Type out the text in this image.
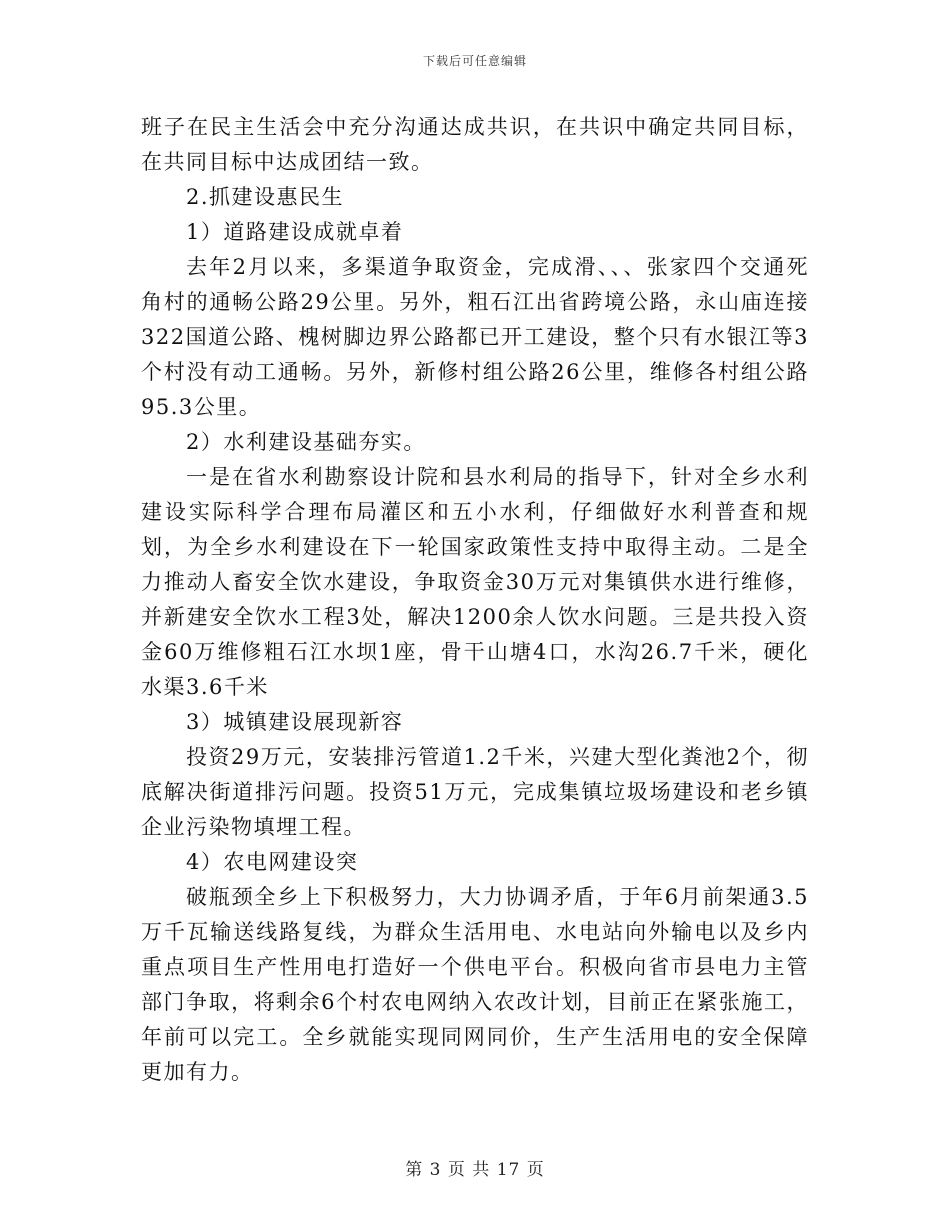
下载后可任意编辑

班子在民主生活会中充分沟通达成共识，在共识中确定共同目标，在共同目标中达成团结一致。

2.抓建设惠民生

1）道路建设成就卓着

去年2月以来，多渠道争取资金，完成滑、、、张家四个交通死角村的通畅公路29公里。另外，粗石江出省跨境公路，永山庙连接322国道公路、槐树脚边界公路都已开工建设，整个只有水银江等3个村没有动工通畅。另外，新修村组公路26公里，维修各村组公路95.3公里。

2）水利建设基础夯实。

一是在省水利勘察设计院和县水利局的指导下，针对全乡水利建设实际科学合理布局灌区和五小水利，仔细做好水利普查和规划，为全乡水利建设在下一轮国家政策性支持中取得主动。二是全力推动人畜安全饮水建设，争取资金30万元对集镇供水进行维修，并新建安全饮水工程3处，解决1200余人饮水问题。三是共投入资金60万维修粗石江水坝1座，骨干山塘4口，水沟26.7千米，硬化水渠3.6千米

3）城镇建设展现新容

投资29万元，安装排污管道1.2千米，兴建大型化粪池2个，彻底解决街道排污问题。投资51万元，完成集镇垃圾场建设和老乡镇企业污染物填埋工程。

4）农电网建设突

破瓶颈全乡上下积极努力，大力协调矛盾，于年6月前架通3.5万千瓦输送线路复线，为群众生活用电、水电站向外输电以及乡内重点项目生产性用电打造好一个供电平台。积极向省市县电力主管部门争取，将剩余6个村农电网纳入农改计划，目前正在紧张施工，年前可以完工。全乡就能实现同网同价，生产生活用电的安全保障更加有力。

第 3 页 共 17 页
